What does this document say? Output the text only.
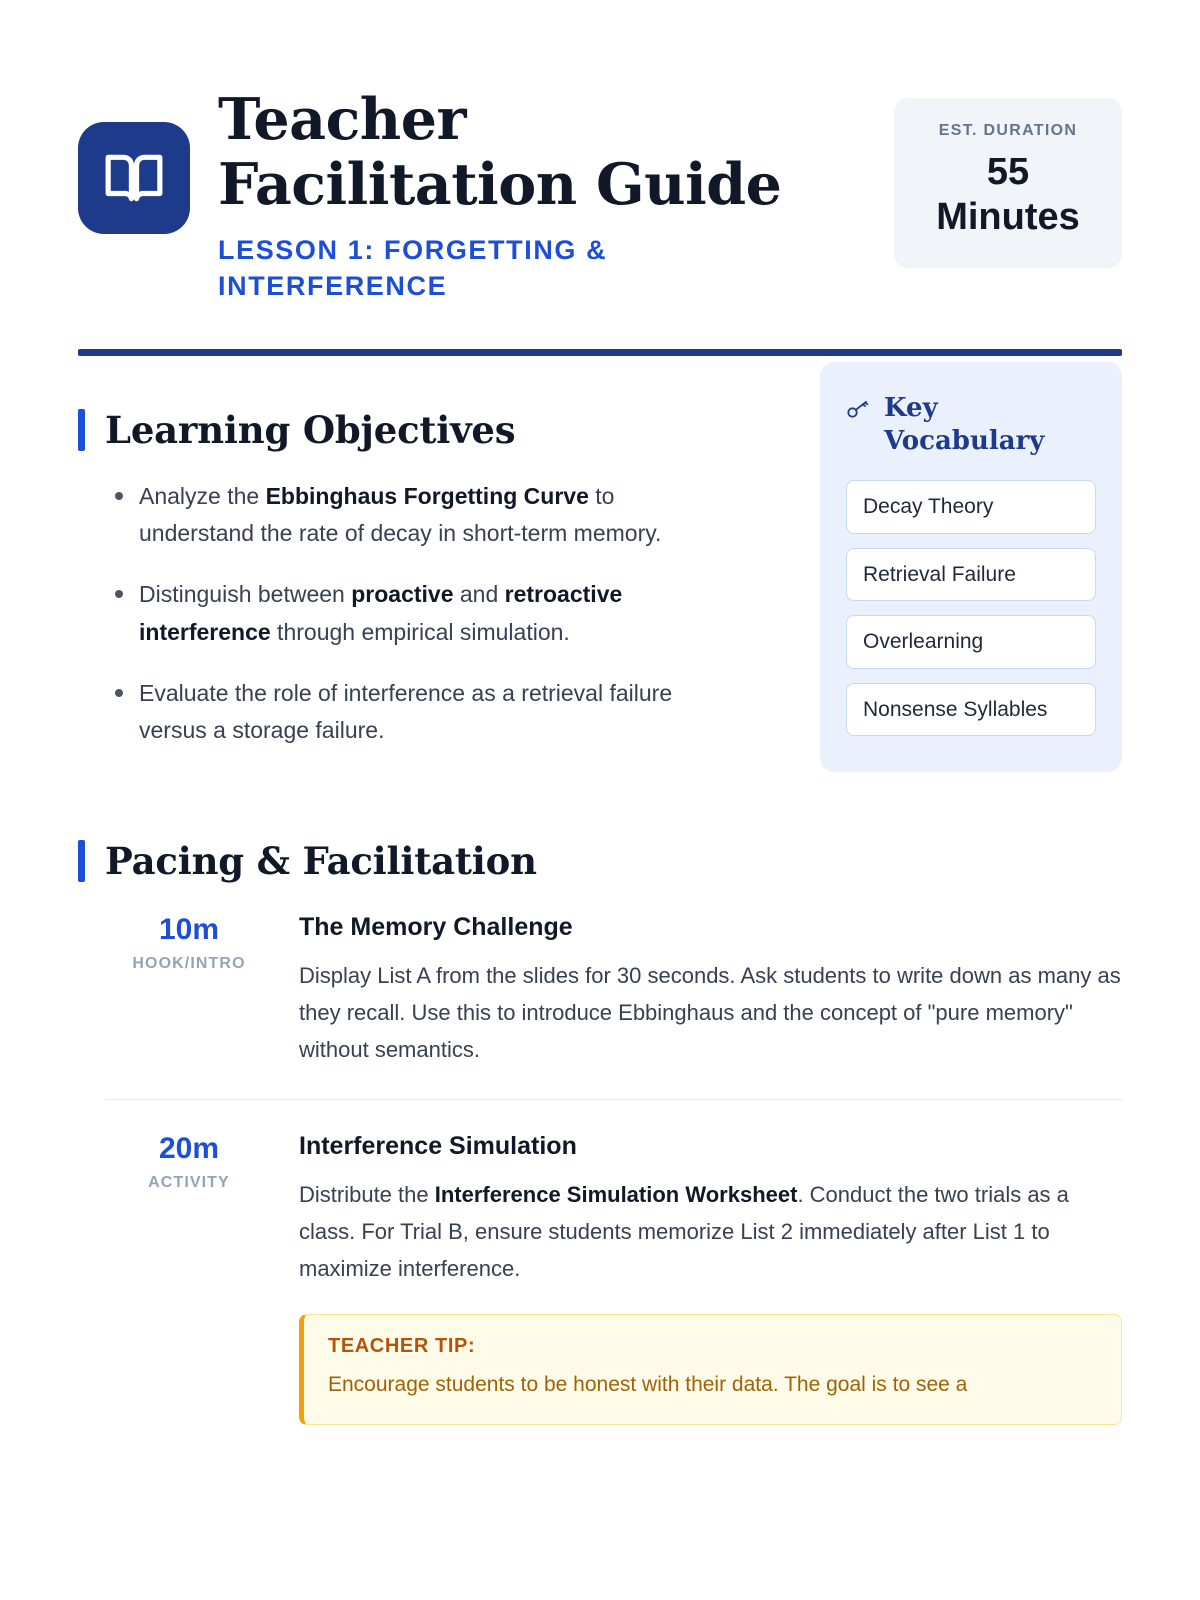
Teacher Facilitation Guide
LESSON 1: FORGETTING & INTERFERENCE
EST. DURATION
55 Minutes
Learning Objectives
Analyze the Ebbinghaus Forgetting Curve to understand the rate of decay in short-term memory.
Distinguish between proactive and retroactive interference through empirical simulation.
Evaluate the role of interference as a retrieval failure versus a storage failure.
Key Vocabulary
Decay Theory
Retrieval Failure
Overlearning
Nonsense Syllables
Pacing & Facilitation
10m
HOOK/INTRO
The Memory Challenge
Display List A from the slides for 30 seconds. Ask students to write down as many as they recall. Use this to introduce Ebbinghaus and the concept of "pure memory" without semantics.
20m
ACTIVITY
Interference Simulation
Distribute the Interference Simulation Worksheet. Conduct the two trials as a class. For Trial B, ensure students memorize List 2 immediately after List 1 to maximize interference.
TEACHER TIP:
Encourage students to be honest with their data. The goal is to see a
